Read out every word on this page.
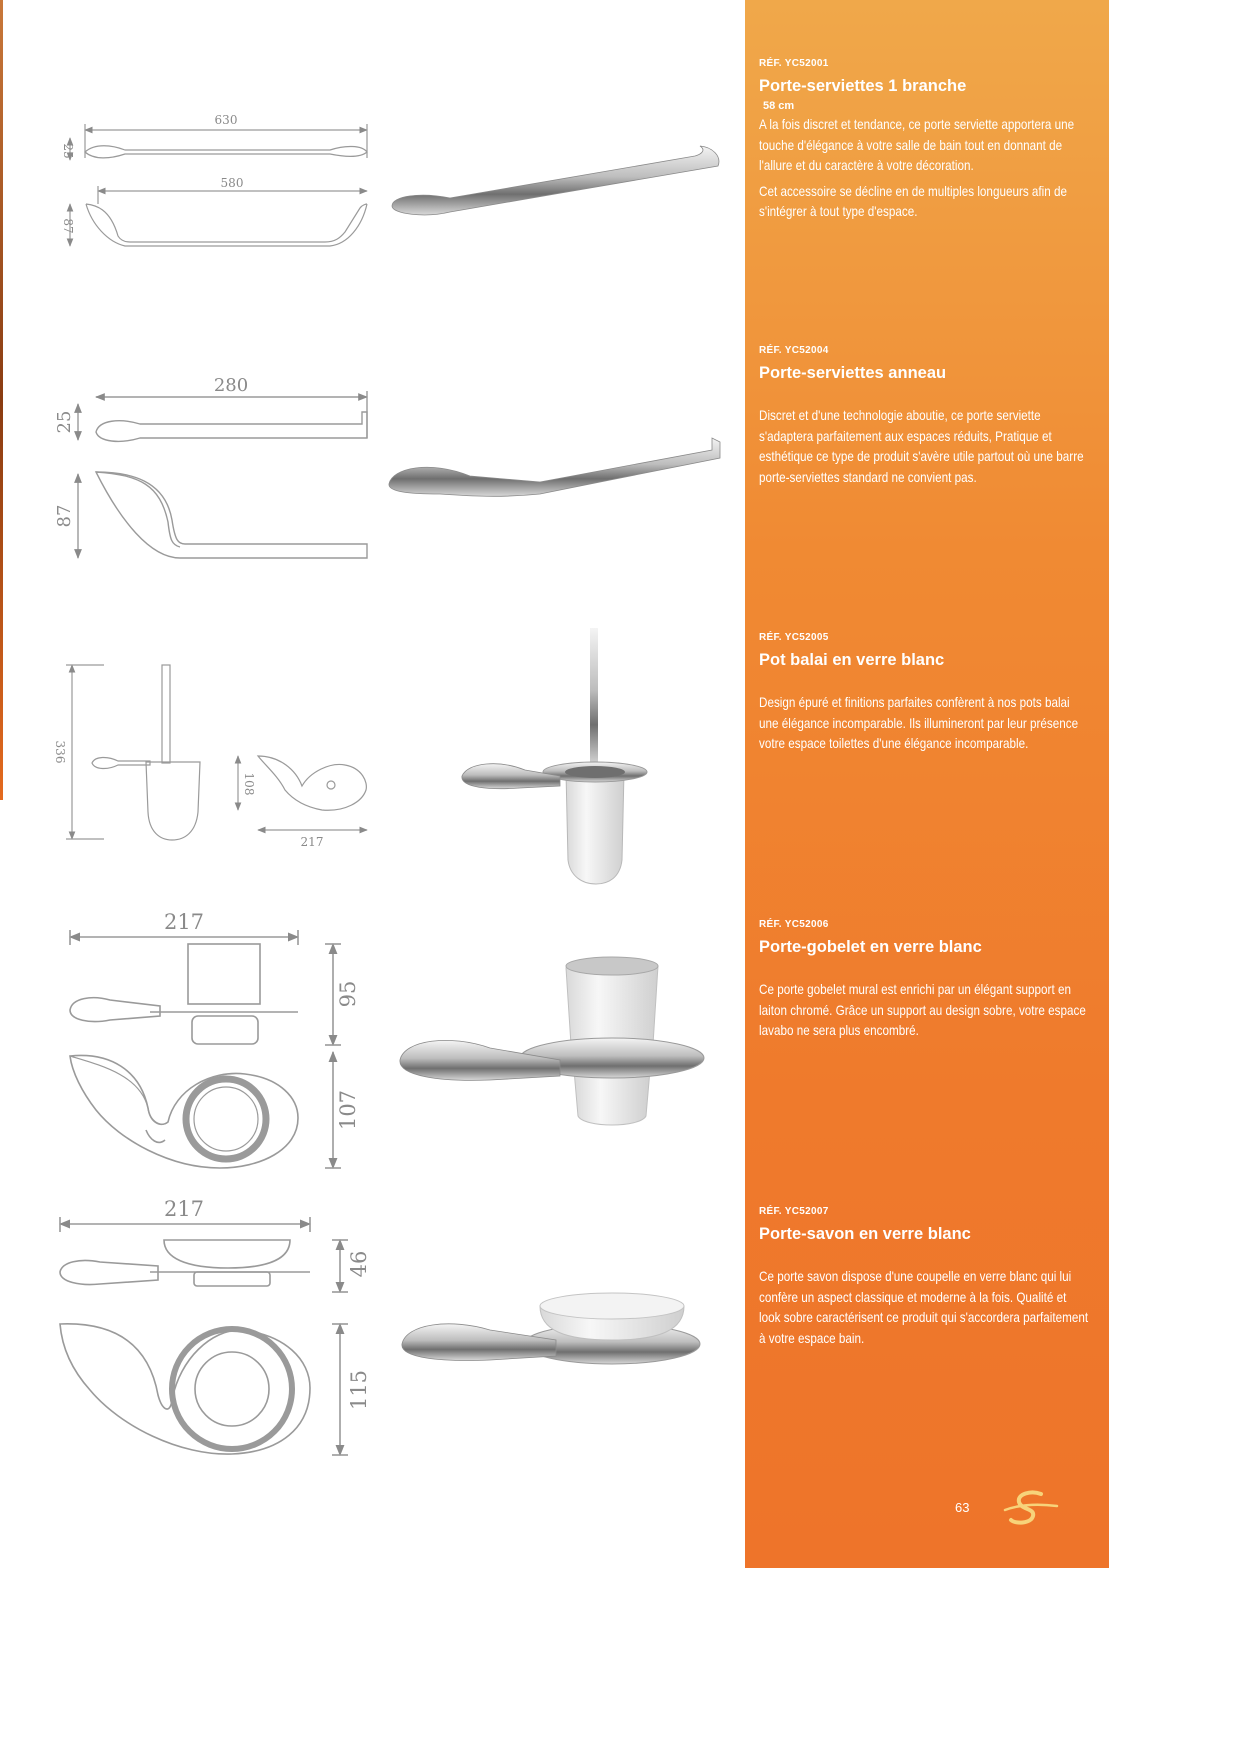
630
25
580
87
280
25
87
336
108
217
217
95
107
217
46
115

RÉF. YC52001

Porte-serviettes 1 branche

58 cm

A la fois discret et tendance, ce porte serviette apportera une touche d'élégance à votre salle de bain tout en donnant de l'allure et du caractère à votre décoration.

Cet accessoire se décline en de multiples longueurs afin de s'intégrer à tout type d'espace.

RÉF. YC52004

Porte-serviettes anneau

Discret et d'une technologie aboutie, ce porte serviette s'adaptera parfaitement aux espaces réduits, Pratique et esthétique ce type de produit s'avère utile partout où une barre porte-serviettes standard ne convient pas.

RÉF. YC52005

Pot balai en verre blanc

Design épuré et finitions parfaites confèrent à nos pots balai une élégance incomparable. Ils illumineront par leur présence votre espace toilettes d'une élégance incomparable.

RÉF. YC52006

Porte-gobelet en verre blanc

Ce porte gobelet mural est enrichi par un élégant support en laiton chromé. Grâce un support au design sobre, votre espace lavabo ne sera plus encombré.

RÉF. YC52007

Porte-savon en verre blanc

Ce porte savon dispose d'une coupelle en verre blanc qui lui confère un aspect classique et moderne à la fois. Qualité et look sobre caractérisent ce produit qui s'accordera parfaitement à votre espace bain.

63
